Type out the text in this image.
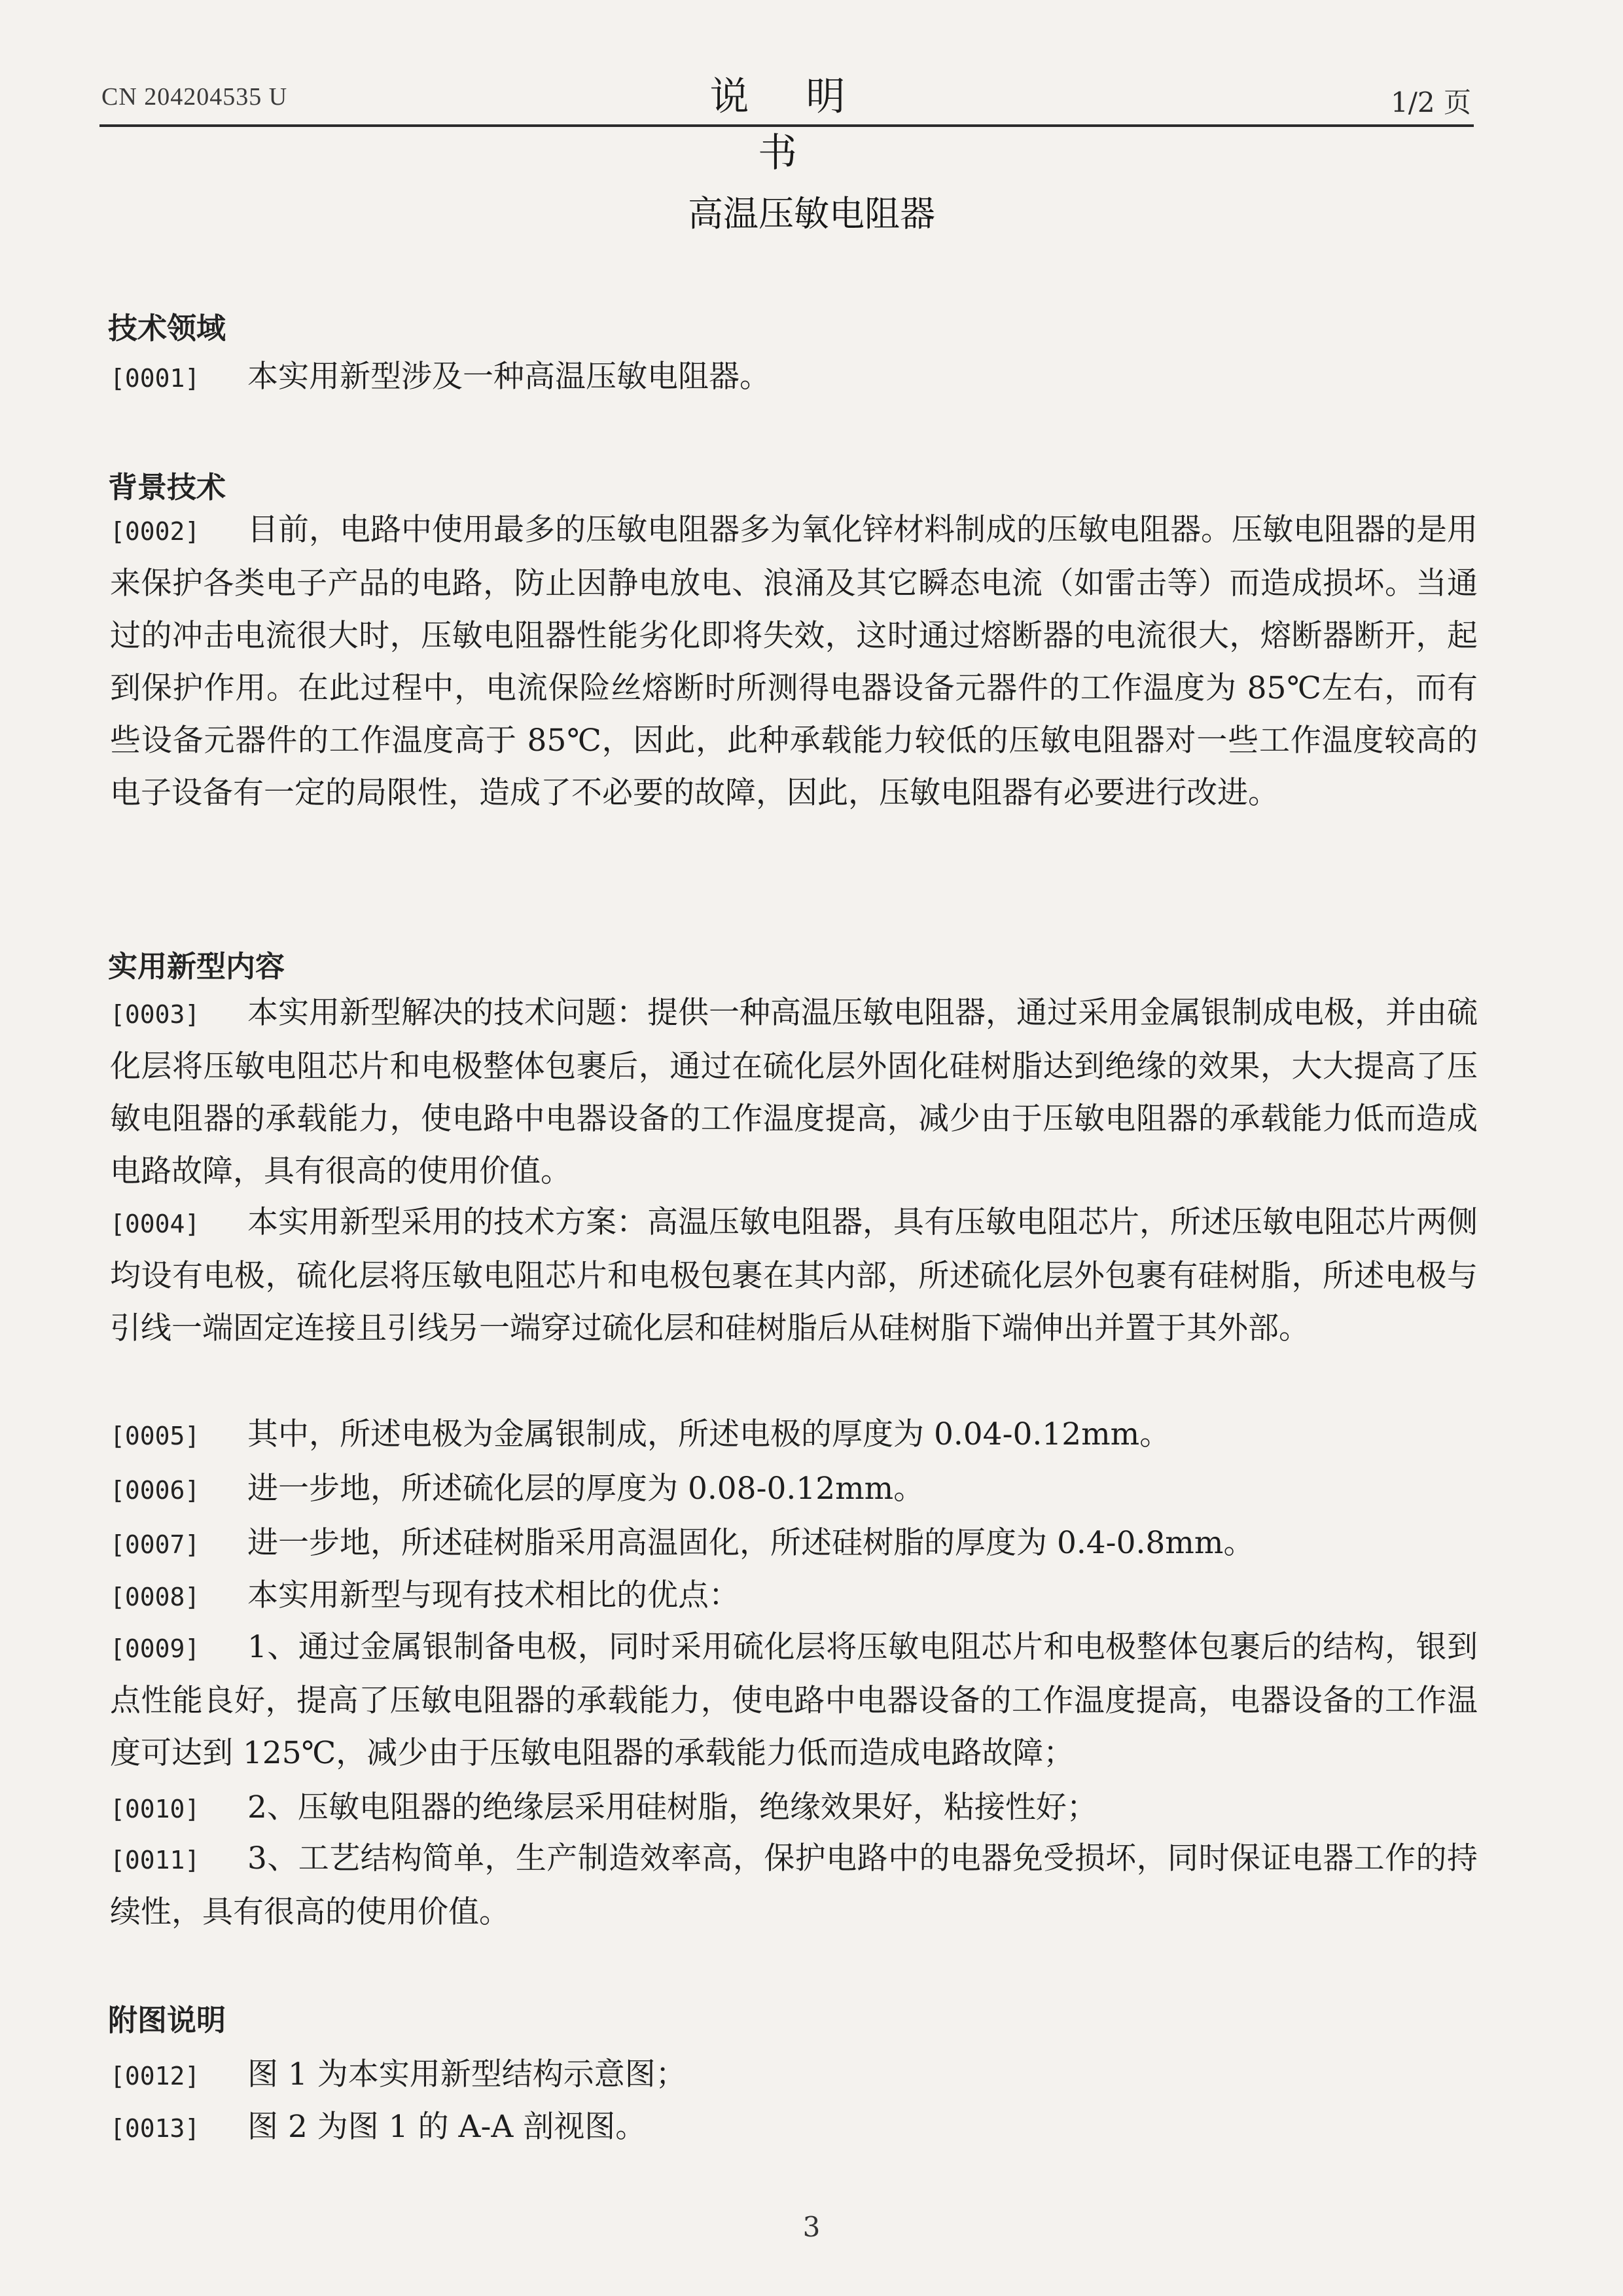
CN 204204535 U	说 明 书
1/2 页
高温压敏电阻器
技术领域
[0001] 本实用新型涉及一种高温压敏电阻器。
背景技术
[0002] 目前，电路中使用最多的压敏电阻器多为氧化锌材料制成的压敏电阻器。压敏电阻器的是用来保护各类电子产品的电路，防止因静电放电、浪涌及其它瞬态电流（如雷击等）而造成损坏。当通过的冲击电流很大时，压敏电阻器性能劣化即将失效，这时通过熔断器的电流很大，熔断器断开，起到保护作用。在此过程中，电流保险丝熔断时所测得电器设备元器件的工作温度为 85℃左右，而有些设备元器件的工作温度高于 85℃，因此，此种承载能力较低的压敏电阻器对一些工作温度较高的电子设备有一定的局限性，造成了不必要的故障，因此，压敏电阻器有必要进行改进。
实用新型内容
[0003] 本实用新型解决的技术问题：提供一种高温压敏电阻器，通过采用金属银制成电极，并由硫化层将压敏电阻芯片和电极整体包裹后，通过在硫化层外固化硅树脂达到绝缘的效果，大大提高了压敏电阻器的承载能力，使电路中电器设备的工作温度提高，减少由于压敏电阻器的承载能力低而造成电路故障，具有很高的使用价值。
[0004] 本实用新型采用的技术方案：高温压敏电阻器，具有压敏电阻芯片，所述压敏电阻芯片两侧均设有电极，硫化层将压敏电阻芯片和电极包裹在其内部，所述硫化层外包裹有硅树脂，所述电极与引线一端固定连接且引线另一端穿过硫化层和硅树脂后从硅树脂下端伸出并置于其外部。
[0005] 其中，所述电极为金属银制成，所述电极的厚度为 0.04-0.12mm。
[0006] 进一步地，所述硫化层的厚度为 0.08-0.12mm。
[0007] 进一步地，所述硅树脂采用高温固化，所述硅树脂的厚度为 0.4-0.8mm。
[0008] 本实用新型与现有技术相比的优点：
[0009] 1、通过金属银制备电极，同时采用硫化层将压敏电阻芯片和电极整体包裹后的结构，银到点性能良好，提高了压敏电阻器的承载能力，使电路中电器设备的工作温度提高，电器设备的工作温度可达到 125℃，减少由于压敏电阻器的承载能力低而造成电路故障；
[0010] 2、压敏电阻器的绝缘层采用硅树脂，绝缘效果好，粘接性好；
[0011] 3、工艺结构简单，生产制造效率高，保护电路中的电器免受损坏，同时保证电器工作的持续性，具有很高的使用价值。
附图说明
[0012] 图 1 为本实用新型结构示意图；
[0013] 图 2 为图 1 的 A-A 剖视图。
3
